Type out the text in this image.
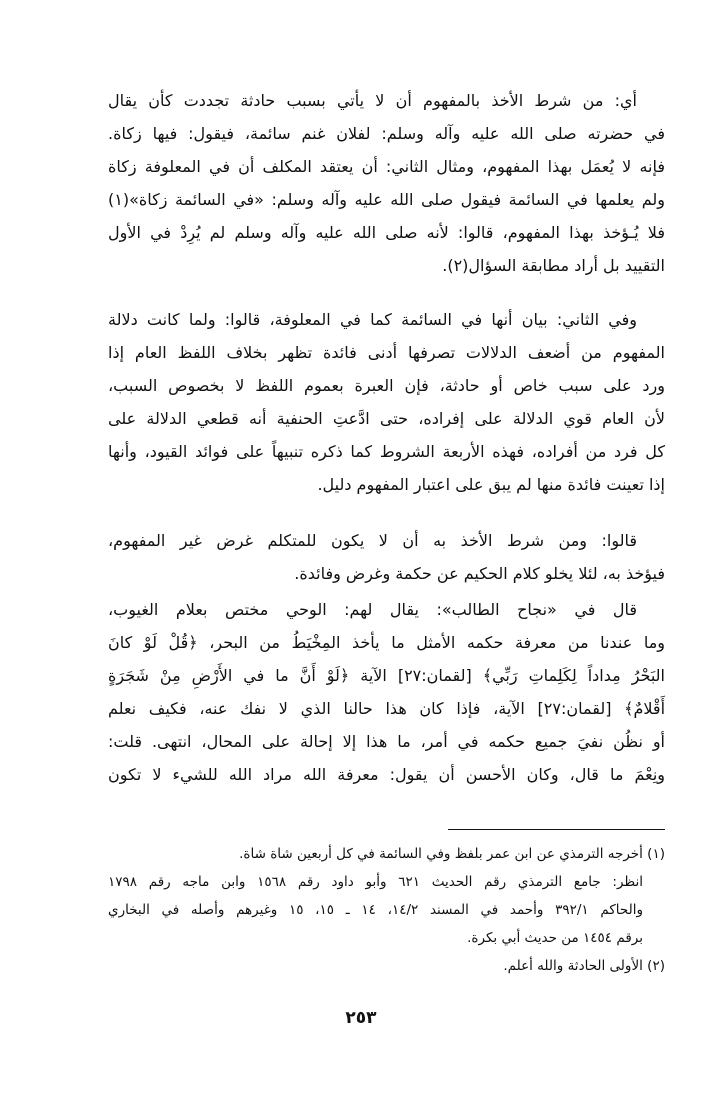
أي: من شرط الأخذ بالمفهوم أن لا يأتي بسبب حادثة تجددت كأن يقال
في حضرته صلى الله عليه وآله وسلم: لفلان غنم سائمة، فيقول: فيها زكاة.
فإنه لا يُعمَل بهذا المفهوم، ومثال الثاني: أن يعتقد المكلف أن في المعلوفة زكاة
ولم يعلمها في السائمة فيقول صلى الله عليه وآله وسلم: «في السائمة زكاة»(١)
فلا يُـؤخذ بهذا المفهوم، قالوا: لأنه صلى الله عليه وآله وسلم لم يُرِدْ في الأول
التقييد بل أراد مطابقة السؤال(٢).
وفي الثاني: بيان أنها في السائمة كما في المعلوفة، قالوا: ولما كانت دلالة
المفهوم من أضعف الدلالات تصرفها أدنى فائدة تظهر بخلاف اللفظ العام إذا
ورد على سبب خاص أو حادثة، فإن العبرة بعموم اللفظ لا بخصوص السبب،
لأن العام قوي الدلالة على إفراده، حتى ادَّعتِ الحنفية أنه قطعي الدلالة على
كل فرد من أفراده، فهذه الأربعة الشروط كما ذكره تنبيهاً على فوائد القيود، وأنها
إذا تعينت فائدة منها لم يبق على اعتبار المفهوم دليل.
قالوا: ومن شرط الأخذ به أن لا يكون للمتكلم غرض غير المفهوم،
فيؤخذ به، لئلا يخلو كلام الحكيم عن حكمة وغرض وفائدة.
قال في «نجاح الطالب»: يقال لهم: الوحي مختص بعلام الغيوب،
وما عندنا من معرفة حكمه الأمثل ما يأخذ المِخْيَطُ من البحر، ﴿قُلْ لَوْ كانَ
البَحْرُ مِداداً لِكَلِماتِ رَبِّي﴾ [لقمان:٢٧] الآية ﴿لَوْ أَنَّ ما في الأَرْضِ مِنْ شَجَرَةٍ
أَقْلامٌ﴾ [لقمان:٢٧] الآية، فإذا كان هذا حالنا الذي لا نفك عنه، فكيف نعلم
أو نظُن نفيَ جميع حكمه في أمر، ما هذا إلا إحالة على المحال، انتهى. قلت:
ونِعْمَ ما قال، وكان الأحسن أن يقول: معرفة الله مراد الله للشيء لا تكون
(١) أخرجه الترمذي عن ابن عمر بلفظ وفي السائمة في كل أربعين شاة شاة.
انظر: جامع الترمذي رقم الحديث ٦٢١ وأبو داود رقم ١٥٦٨ وابن ماجه رقم ١٧٩٨
والحاكم ٣٩٢/١ وأحمد في المسند ١٤/٢، ١٤ ـ ١٥، ١٥ وغيرهم وأصله في البخاري
برقم ١٤٥٤ من حديث أبي بكرة.
(٢) الأولى الحادثة والله أعلم.
٢٥٣
